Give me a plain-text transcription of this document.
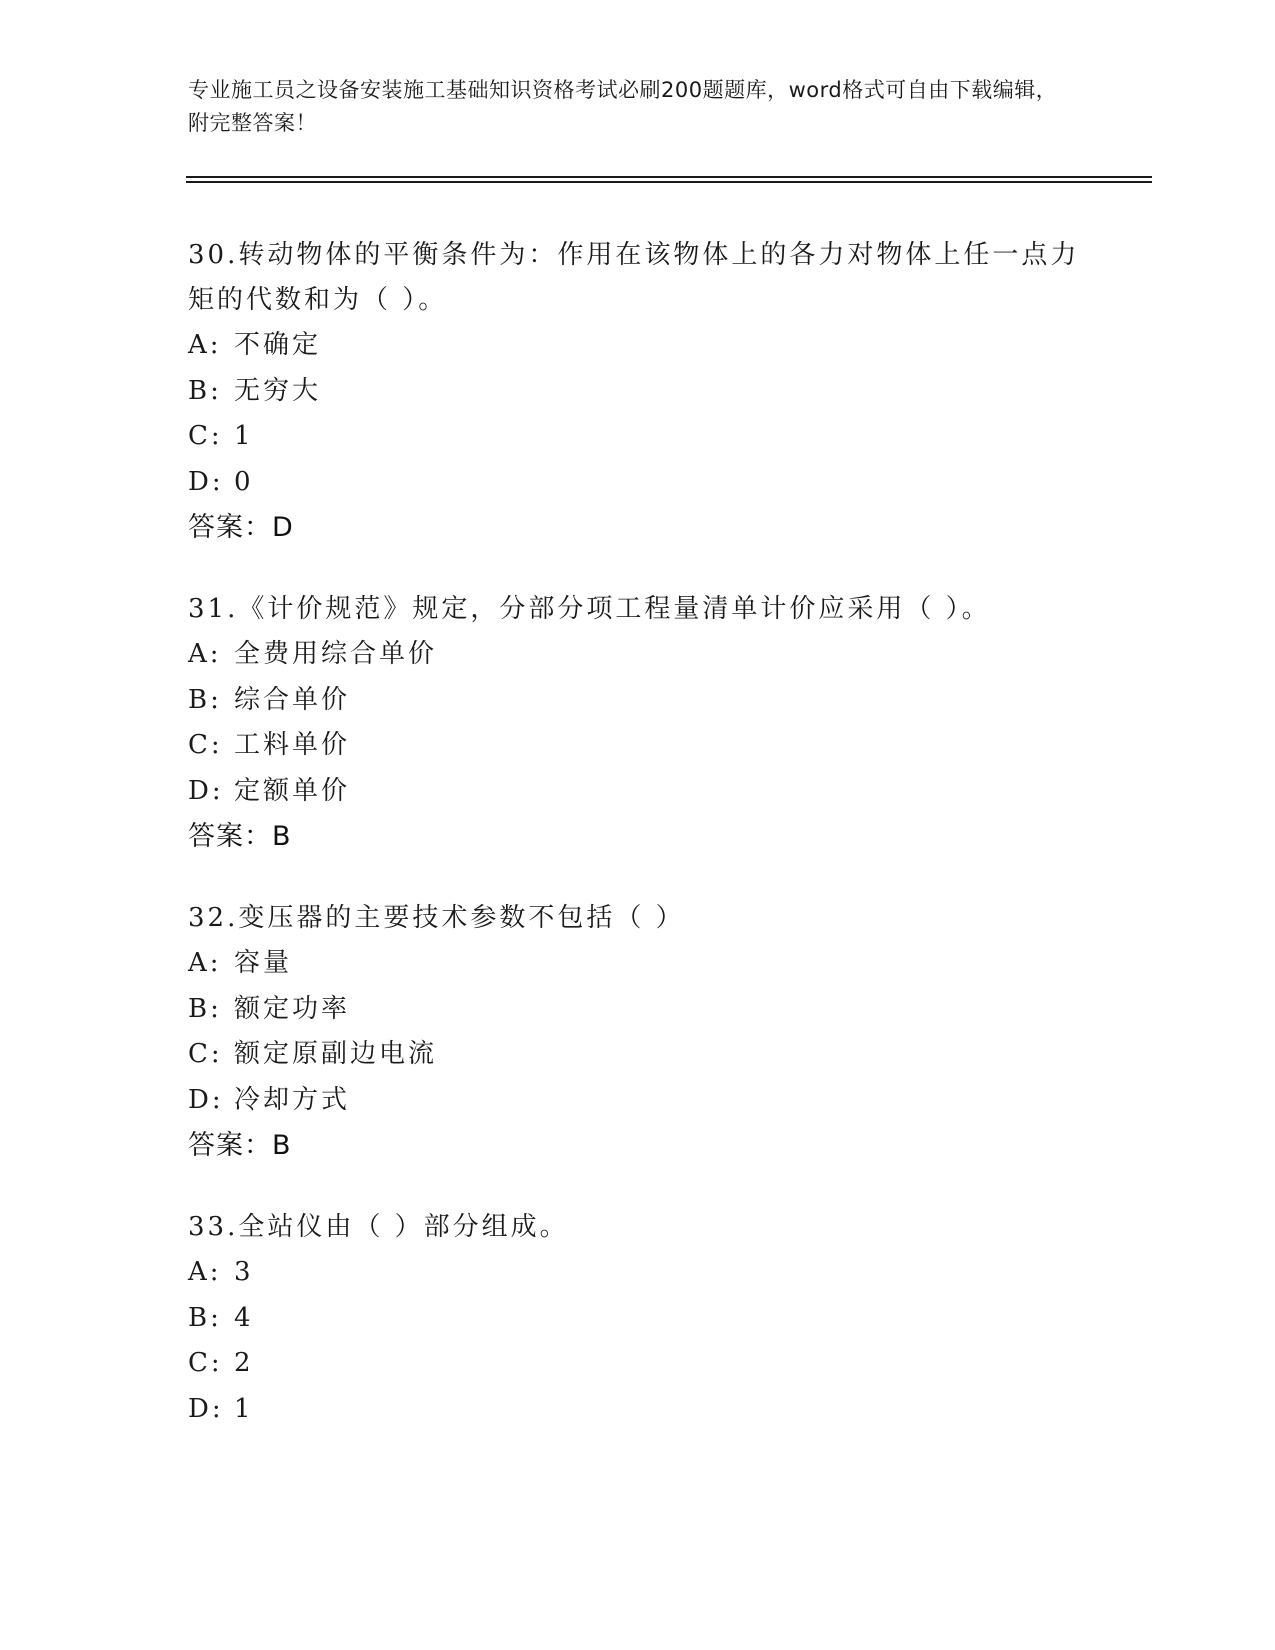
专业施工员之设备安装施工基础知识资格考试必刷200题题库，word格式可自由下载编辑，附完整答案！

30.转动物体的平衡条件为：作用在该物体上的各力对物体上任一点力矩的代数和为（ ）。

A: 不确定

B: 无穷大

C: 1

D: 0

答案：D

31.《计价规范》规定，分部分项工程量清单计价应采用（ ）。

A: 全费用综合单价

B: 综合单价

C: 工料单价

D: 定额单价

答案：B

32.变压器的主要技术参数不包括（ ）

A: 容量

B: 额定功率

C: 额定原副边电流

D: 冷却方式

答案：B

33.全站仪由（ ）部分组成。

A: 3

B: 4

C: 2

D: 1
